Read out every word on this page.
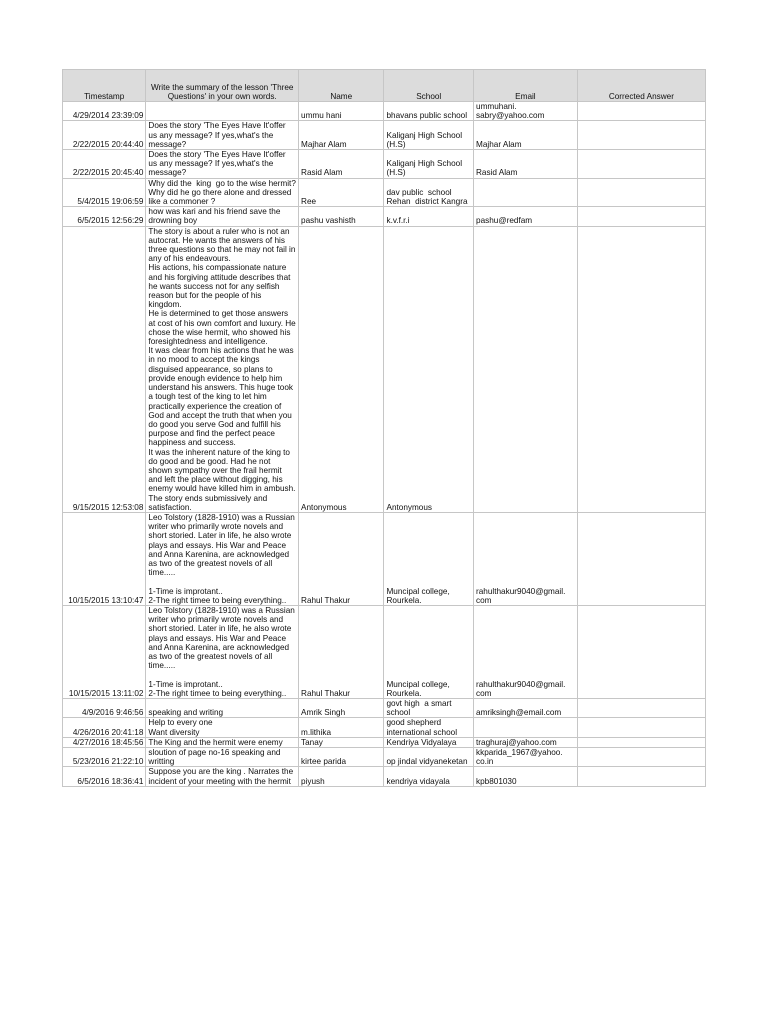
Timestamp	Write the summary of the lesson 'Three Questions' in your own words.	Name	School	Email	Corrected Answer
4/29/2014 23:39:09		ummu hani	bhavans public school	ummuhani.
sabry@yahoo.com	
2/22/2015 20:44:40	Does the story 'The Eyes Have It'offer us any message? If yes,what's the message?	Majhar Alam	Kaliganj High School (H.S)	Majhar Alam	
2/22/2015 20:45:40	Does the story 'The Eyes Have It'offer us any message? If yes,what's the message?	Rasid Alam	Kaliganj High School (H.S)	Rasid Alam	
5/4/2015 19:06:59	Why did the  king  go to the wise hermit?  Why did he go there alone and dressed like a commoner ?	Ree	dav public  school Rehan  district Kangra		
6/5/2015 12:56:29	how was kari and his friend save the drowning boy	pashu vashisth	k.v.f.r.i	pashu@redfam	
9/15/2015 12:53:08	The story is about a ruler who is not an autocrat. He wants the answers of his three questions so that he may not fail in any of his endeavours.
His actions, his compassionate nature and his forgiving attitude describes that he wants success not for any selfish reason but for the people of his kingdom.
He is determined to get those answers at cost of his own comfort and luxury. He chose the wise hermit, who showed his foresightedness and intelligence.
It was clear from his actions that he was in no mood to accept the kings disguised appearance, so plans to provide enough evidence to help him understand his answers. This huge took a tough test of the king to let him practically experience the creation of God and accept the truth that when you do good you serve God and fulfill his purpose and find the perfect peace happiness and success.
It was the inherent nature of the king to do good and be good. Had he not shown sympathy over the frail hermit and left the place without digging, his enemy would have killed him in ambush. The story ends submissively and satisfaction.	Antonymous	Antonymous		
10/15/2015 13:10:47	Leo Tolstory (1828-1910) was a Russian writer who primarily wrote novels and short storied. Later in life, he also wrote plays and essays. His War and Peace and Anna Karenina, are acknowledged as two of the greatest novels of all time.....

1-Time is improtant..
2-The right timee to being everything..	Rahul Thakur	Muncipal college, Rourkela.	rahulthakur9040@gmail.
com	
10/15/2015 13:11:02	Leo Tolstory (1828-1910) was a Russian writer who primarily wrote novels and short storied. Later in life, he also wrote plays and essays. His War and Peace and Anna Karenina, are acknowledged as two of the greatest novels of all time.....

1-Time is improtant..
2-The right timee to being everything..	Rahul Thakur	Muncipal college, Rourkela.	rahulthakur9040@gmail.
com	
4/9/2016 9:46:56	speaking and writing	Amrik Singh	govt high  a smart school	amriksingh@email.com	
4/26/2016 20:41:18	Help to every one
Want diversity	m.lithika	good shepherd international school		
4/27/2016 18:45:56	The King and the hermit were enemy	Tanay	Kendriya Vidyalaya	traghuraj@yahoo.com	
5/23/2016 21:22:10	sloution of page no-16 speaking and writting	kirtee parida	op jindal vidyaneketan	kkparida_1967@yahoo.
co.in	
6/5/2016 18:36:41	Suppose you are the king . Narrates the incident of your meeting with the hermit	piyush	kendriya vidayala	kpb801030	
